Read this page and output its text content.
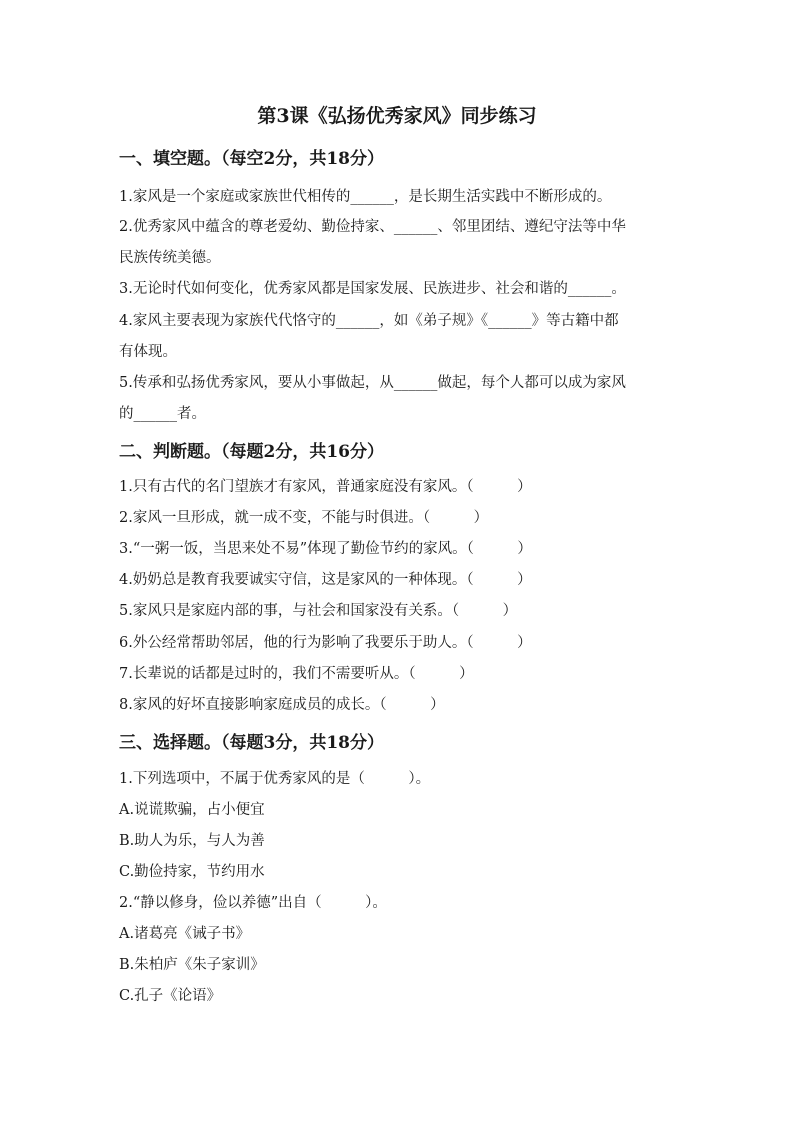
第3课《弘扬优秀家风》同步练习
一、填空题。（每空2分，共18分）
1.家风是一个家庭或家族世代相传的______，是长期生活实践中不断形成的。
2.优秀家风中蕴含的尊老爱幼、勤俭持家、______、邻里团结、遵纪守法等中华
民族传统美德。
3.无论时代如何变化，优秀家风都是国家发展、民族进步、社会和谐的______。
4.家风主要表现为家族代代恪守的______，如《弟子规》《______》等古籍中都
有体现。
5.传承和弘扬优秀家风，要从小事做起，从______做起，每个人都可以成为家风
的______者。
二、判断题。（每题2分，共16分）
1.只有古代的名门望族才有家风，普通家庭没有家风。（　　　）
2.家风一旦形成，就一成不变，不能与时俱进。（　　　）
3.“一粥一饭，当思来处不易”体现了勤俭节约的家风。（　　　）
4.奶奶总是教育我要诚实守信，这是家风的一种体现。（　　　）
5.家风只是家庭内部的事，与社会和国家没有关系。（　　　）
6.外公经常帮助邻居，他的行为影响了我要乐于助人。（　　　）
7.长辈说的话都是过时的，我们不需要听从。（　　　）
8.家风的好坏直接影响家庭成员的成长。（　　　）
三、选择题。（每题3分，共18分）
1.下列选项中，不属于优秀家风的是（　　　）。
A.说谎欺骗，占小便宜
B.助人为乐，与人为善
C.勤俭持家，节约用水
2.“静以修身，俭以养德”出自（　　　）。
A.诸葛亮《诫子书》
B.朱柏庐《朱子家训》
C.孔子《论语》
